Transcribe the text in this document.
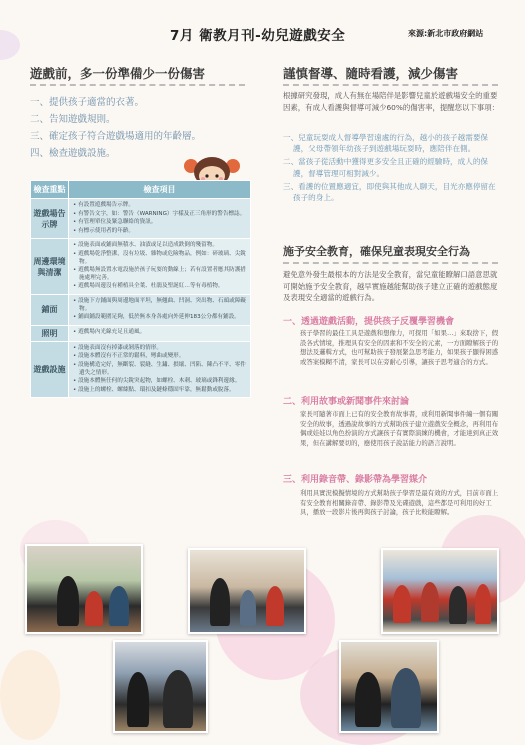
7月 衛教月刊-幼兒遊戲安全	來源:新北市政府網站
遊戲前，多一份準備少一份傷害
一、提供孩子適當的衣著。
二、告知遊戲規則。
三、確定孩子符合遊戲場適用的年齡層。
四、檢查遊戲設施。
檢查重點	檢查項目
遊戲場告示牌	• 有設置遊戲場告示牌。
• 有警告文字，如：警告（WARNING）字樣及正三角形的警告標誌。
• 有管理單位及緊急聯絡的資訊。
• 有標示使用者的年齡。

周邊環境與清潔	• 設施表面或鋪面無積水、油漬或足以造成跌倒的殘留物。
• 遊戲場乾淨整潔，沒有垃圾、雜物或危險物品，例如：碎玻璃、尖銳物。
• 遊戲場無設置水電設施於孩子玩耍的動線上；若有設置者應其防護措施處理完善。
• 遊戲場周邊沒有種植具全葉、杜鵑及聖誕紅…等有毒植物。

鋪面	• 設施下方鋪面與周邊地面平坦，無翹曲、凹洞、突出物、石頭或障礙物。
• 鋪面鋪設範圍足夠，低於無本身各處向外延伸183公分都有鋪設。

照明	• 遊戲場內光線充足且通風。

遊戲設施	• 設施表面沒有掉漆或剝落的情形。
• 設施本體沒有不正常的鬆料，彎曲或變形。
• 設施構造完好，無斷裂、裂縫、生鏽、損壞、凹陷、陳凸不平、零件遺失之情形。
• 設施本體無任何的尖銳突起物，如螺栓、木刺、玻璃或鋒利邊緣。
• 設施上的螺栓、螺絲點、環扣及鏈條穩固牢靠，無鬆動或脫落。
謹慎督導、隨時看護，減少傷害
根據研究發現，成人有無在場陪伴是影響兒童於遊戲場安全的重要因素，有成人看護與督導可減少60%的傷害率，提醒您以下事項：
一、兒童玩耍成人督導學習遠處的行為，越小的孩子越需要保護，父母帶領年幼孩子到遊戲場玩耍時，應陪伴在側。
二、當孩子從活動中獲得更多安全且正確的經驗時，成人的保護，督導管理可相對減少。
三、看護的位置應適宜，即使與其他成人聊天，目光亦應停留在孩子的身上。
施予安全教育，確保兒童表現安全行為
避免意外發生最根本的方法是安全教育，當兒童能瞭解口語意思就可開始施予安全教育，越早實施越能幫助孩子建立正確的遊戲態度及表現安全適當的遊戲行為。
一、透過遊戲活動，提供孩子反覆學習機會
孩子學習的最佳工具是遊戲和想像力，可探用「如果…」來取捨下，假設各式情境，推理具有安全的因素和不安全的元素，一方面瞭解孩子的想法及邏輯方式，也可幫助孩子發展緊急思考能力，如果孩子顯得困惑或答案模糊不清，家長可以在旁耐心引導，讓孩子思考適合的方式。
二、利用故事或新聞事件來討論
家長可隨著市面上已有的安全教育故事書，或利用新聞事件編一個有關安全的故事，透過說故事的方式幫助孩子建立遊戲安全概念，再利用布偶或娃娃以角色扮演的方式讓孩子有實際演練的機會，才能達到真正效果，但在講解要切的，應使用孩子說話能力的語言說明。
三、利用錄音帶、錄影帶為學習媒介
利用具實況模擬情境的方式幫助孩子學習是最有效的方式，目前市面上有安全教育相關錄音帶、錄影帶及光碟遊戲，這些都是可利用的好工具，播放一段影片後再與孩子討論，孩子比較能瞭解。
